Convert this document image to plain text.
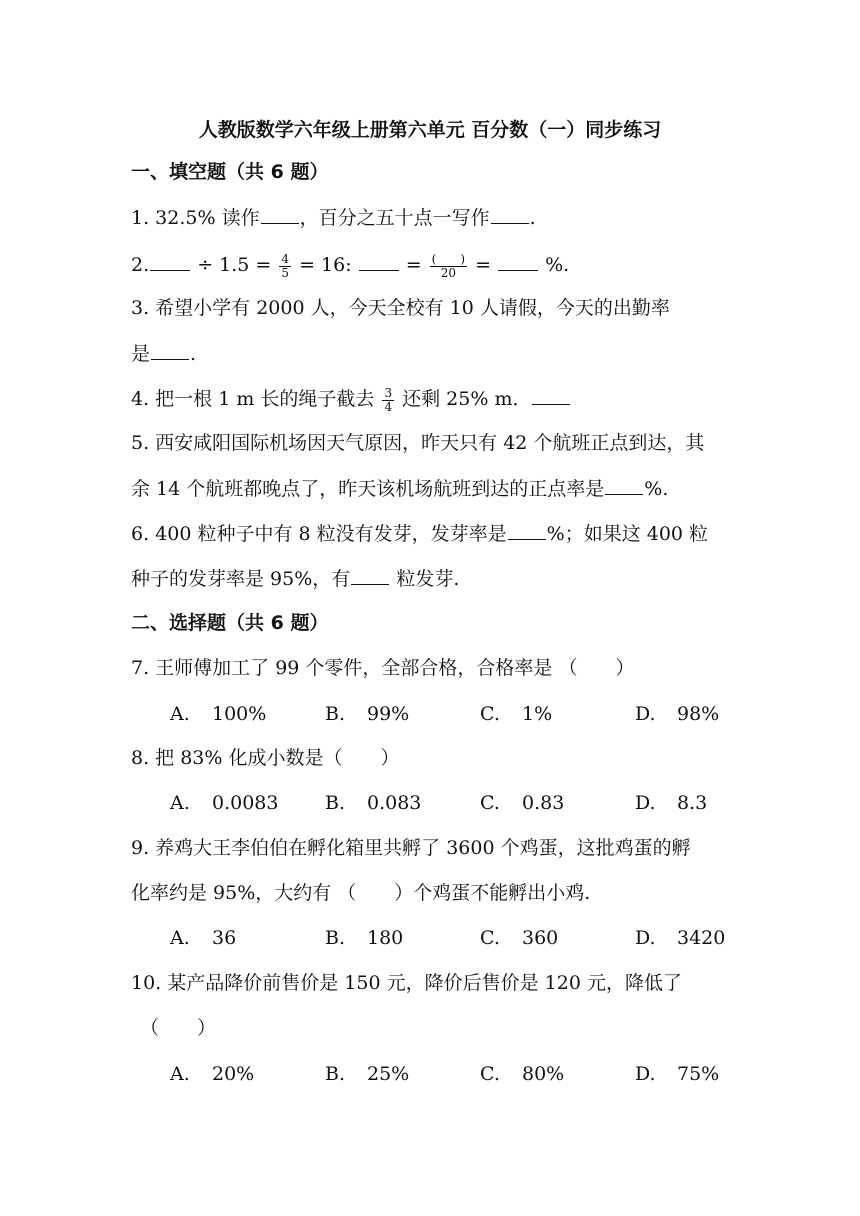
人教版数学六年级上册第六单元 百分数（一）同步练习
一、填空题（共 6 题）
1. 32.5% 读作 ，百分之五十点一写作 .
2.	÷ $1.5 = \frac{4}{5} = 16$:	= $\frac{( )}{20}$ =	%.
3. 希望小学有 2000 人，今天全校有 10 人请假，今天的出勤率
是 .
4. 把一根 1 m 长的绳子截去 $\frac{3}{4}$ 还剩 25% m．
5. 西安咸阳国际机场因天气原因，昨天只有 42 个航班正点到达，其
余 14 个航班都晚点了，昨天该机场航班到达的正点率是 %.
6. 400 粒种子中有 8 粒没有发芽，发芽率是 %；如果这 400 粒
种子的发芽率是 95%，有 粒发芽.
二、选择题（共 6 题）
7. 王师傅加工了 99 个零件，全部合格，合格率是 （　　）
A. 100%	B. 99%	C. 1%	D. 98%
8. 把 83% 化成小数是（　　）
A. 0.0083 B. 0.083	C. 0.83	D. 8.3
9. 养鸡大王李伯伯在孵化箱里共孵了 3600 个鸡蛋，这批鸡蛋的孵
化率约是 95%，大约有 （　　）个鸡蛋不能孵出小鸡.
A. 36	B. 180	C. 360	D. 3420
10. 某产品降价前售价是 150 元，降价后售价是 120 元，降低了
（　　）
A. 20%	B. 25%	C. 80%	D. 75%
